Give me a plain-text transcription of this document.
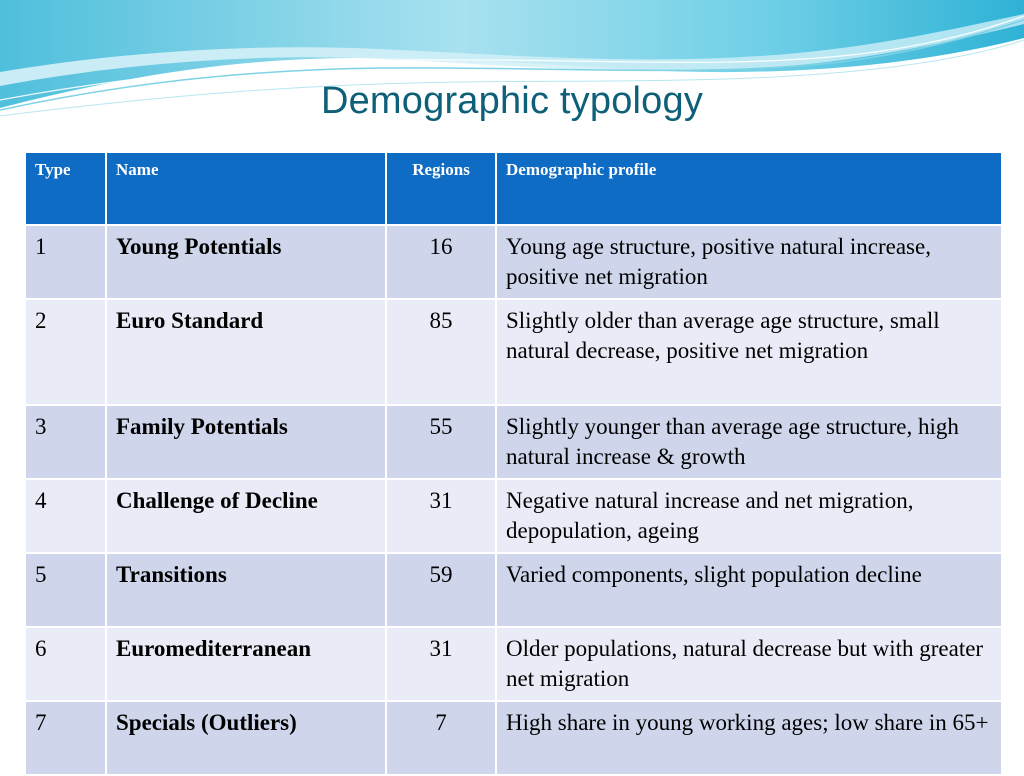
Demographic typology
Type	Name	Regions	Demographic profile
1	Young Potentials	16	Young age structure, positive natural increase, positive net migration
2	Euro Standard	85	Slightly older than average age structure, small natural decrease, positive net migration
3	Family Potentials	55	Slightly younger than average age structure, high natural increase & growth
4	Challenge of Decline	31	Negative natural increase and net migration, depopulation, ageing
5	Transitions	59	Varied components, slight population decline
6	Euromediterranean	31	Older populations, natural decrease but with greater net migration
7	Specials (Outliers)	7	High share in young working ages; low share in 65+
